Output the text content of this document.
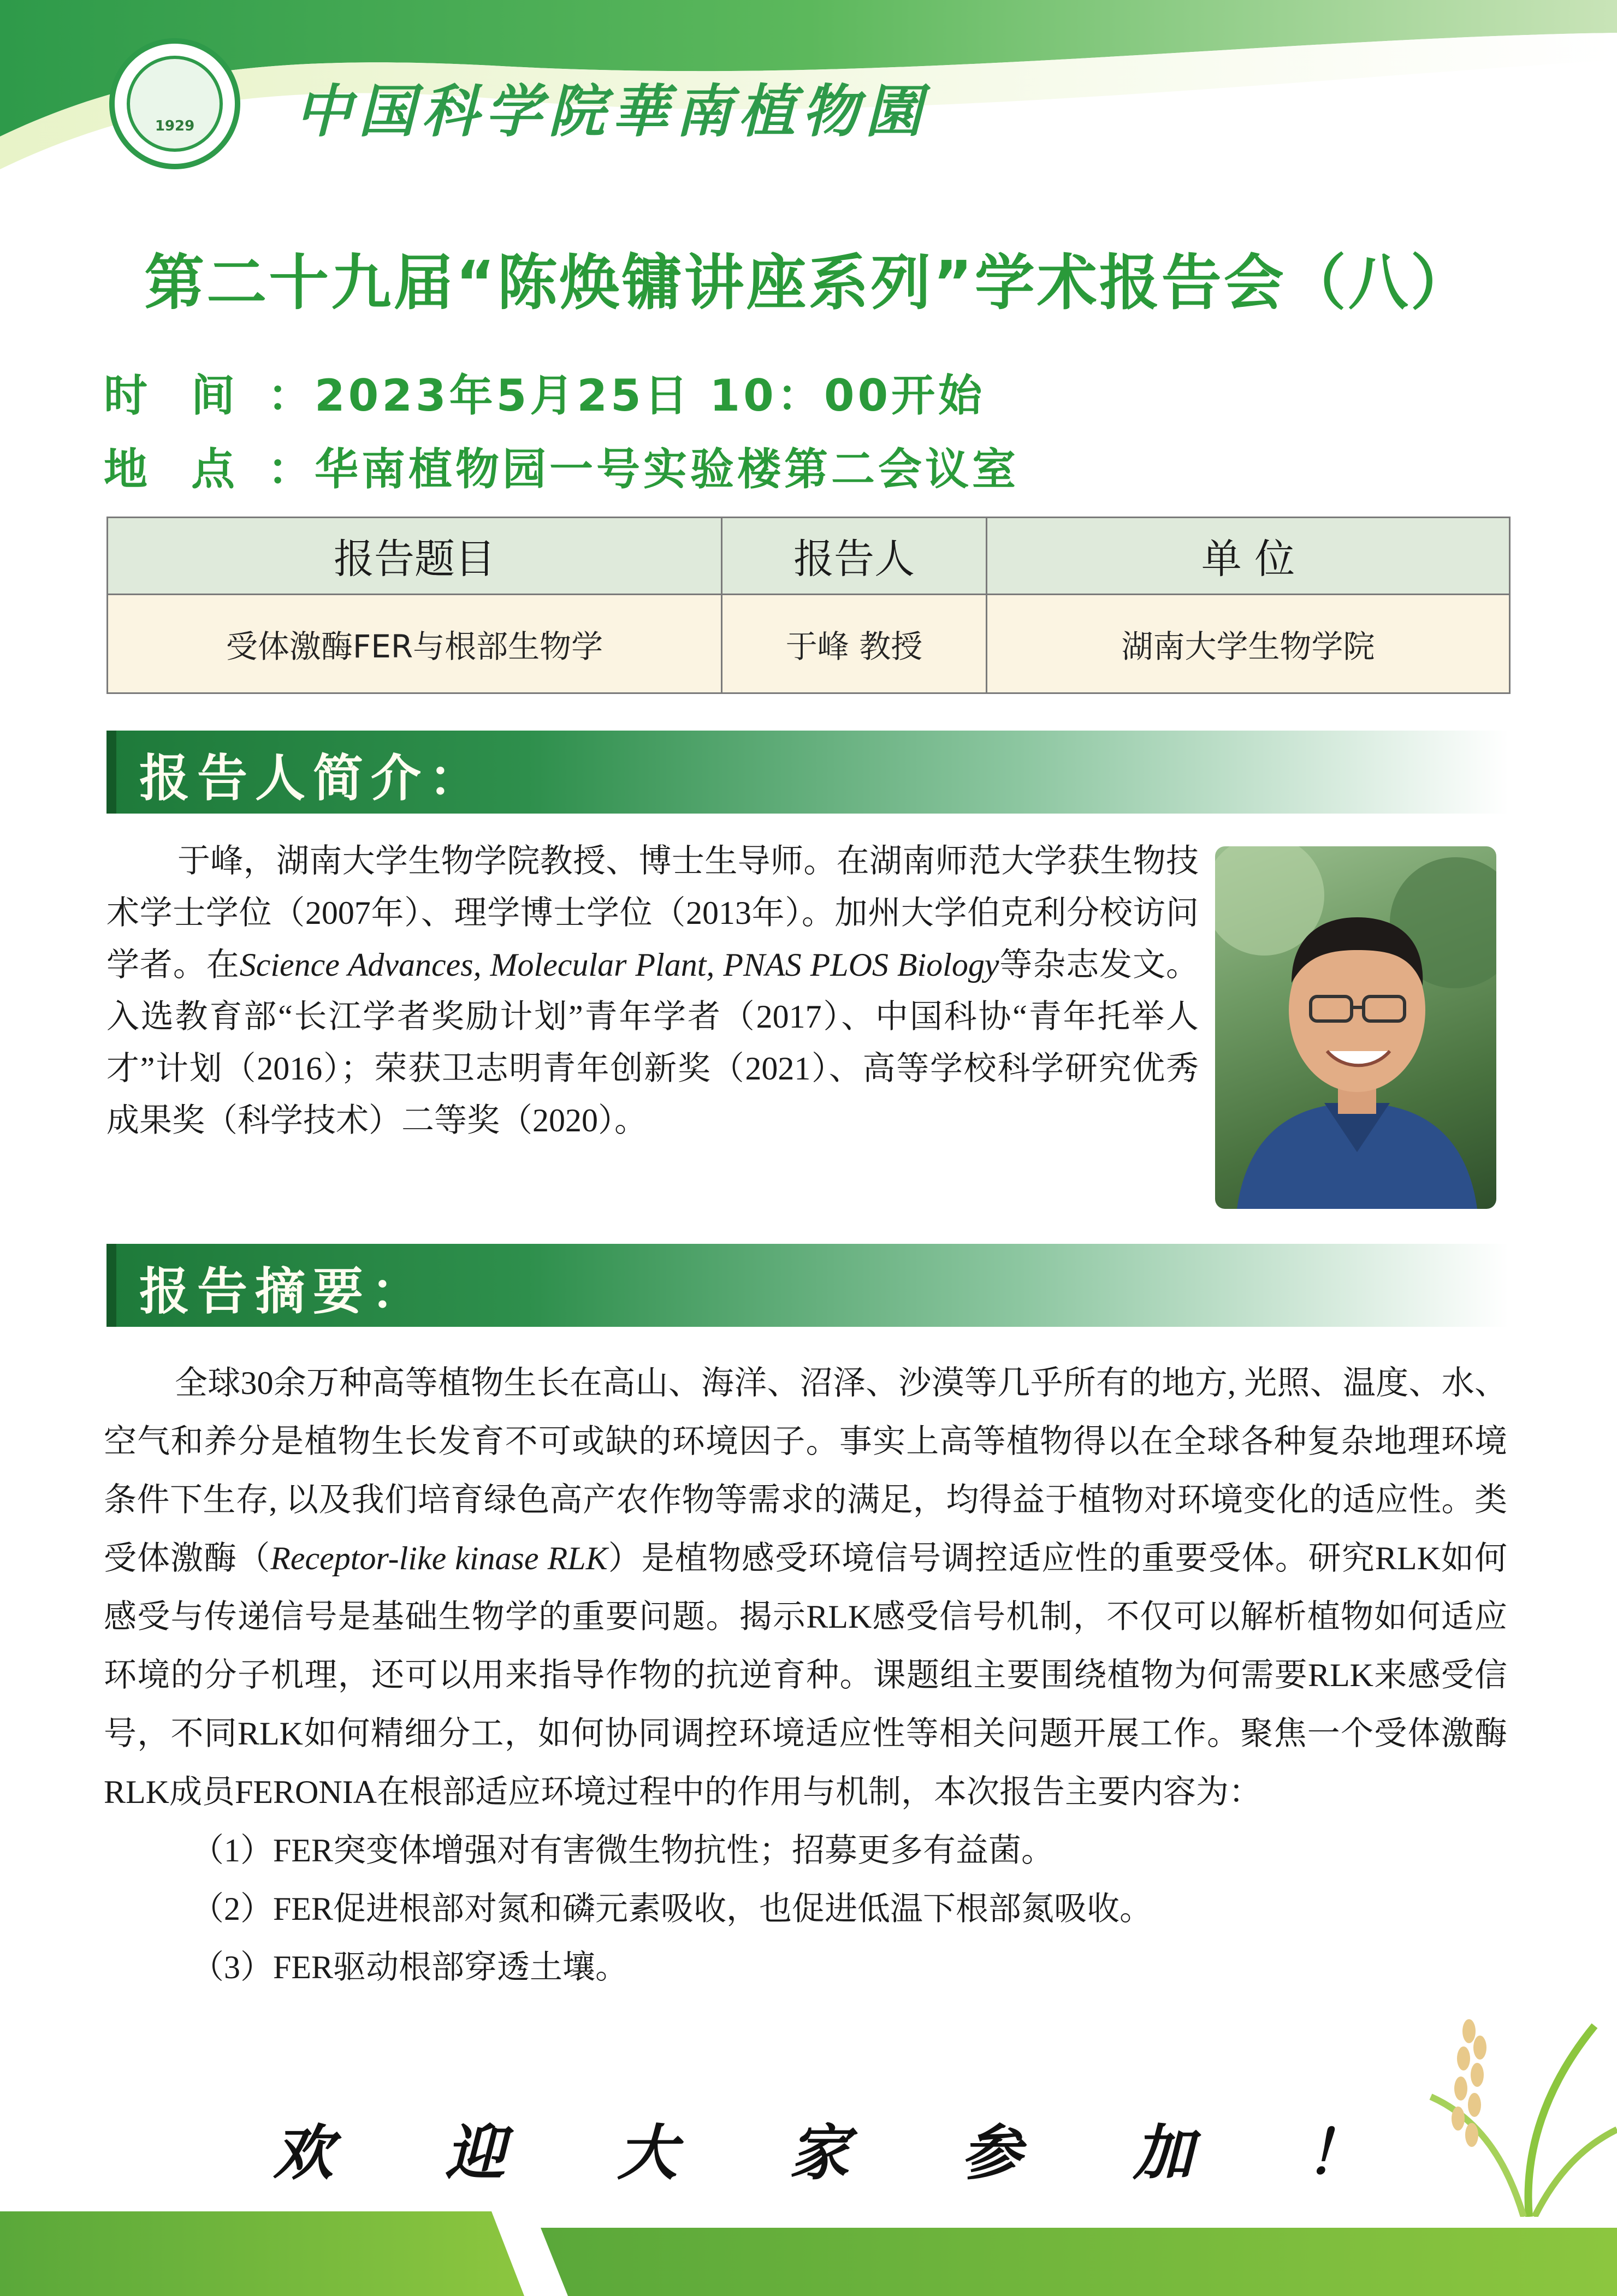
1929	中国科学院華南植物園
第二十九届“陈焕镛讲座系列”学术报告会（八）
时间：2023年5月25日 10：00开始
地点：华南植物园一号实验楼第二会议室
报告题目	报告人	单 位
受体激酶FER与根部生物学	于峰 教授	湖南大学生物学院
报告人简介：

于峰，湖南大学生物学院教授、博士生导师。在湖南师范大学获生物技术学士学位（2007年）、理学博士学位（2013年）。加州大学伯克利分校访问学者。在Science Advances, Molecular Plant, PNAS PLOS Biology等杂志发文。入选教育部“长江学者奖励计划”青年学者（2017）、中国科协“青年托举人才”计划（2016）；荣获卫志明青年创新奖（2021）、高等学校科学研究优秀成果奖（科学技术）二等奖（2020）。

报告摘要：

全球30余万种高等植物生长在高山、海洋、沼泽、沙漠等几乎所有的地方, 光照、温度、水、空气和养分是植物生长发育不可或缺的环境因子。事实上高等植物得以在全球各种复杂地理环境条件下生存, 以及我们培育绿色高产农作物等需求的满足，均得益于植物对环境变化的适应性。类受体激酶（Receptor-like kinase RLK）是植物感受环境信号调控适应性的重要受体。研究RLK如何感受与传递信号是基础生物学的重要问题。揭示RLK感受信号机制，不仅可以解析植物如何适应环境的分子机理，还可以用来指导作物的抗逆育种。课题组主要围绕植物为何需要RLK来感受信号，不同RLK如何精细分工，如何协同调控环境适应性等相关问题开展工作。聚焦一个受体激酶RLK成员FERONIA在根部适应环境过程中的作用与机制，本次报告主要内容为：

（1）FER突变体增强对有害微生物抗性；招募更多有益菌。

（2）FER促进根部对氮和磷元素吸收，也促进低温下根部氮吸收。

（3）FER驱动根部穿透土壤。

欢 迎 大 家 参 加 ！
